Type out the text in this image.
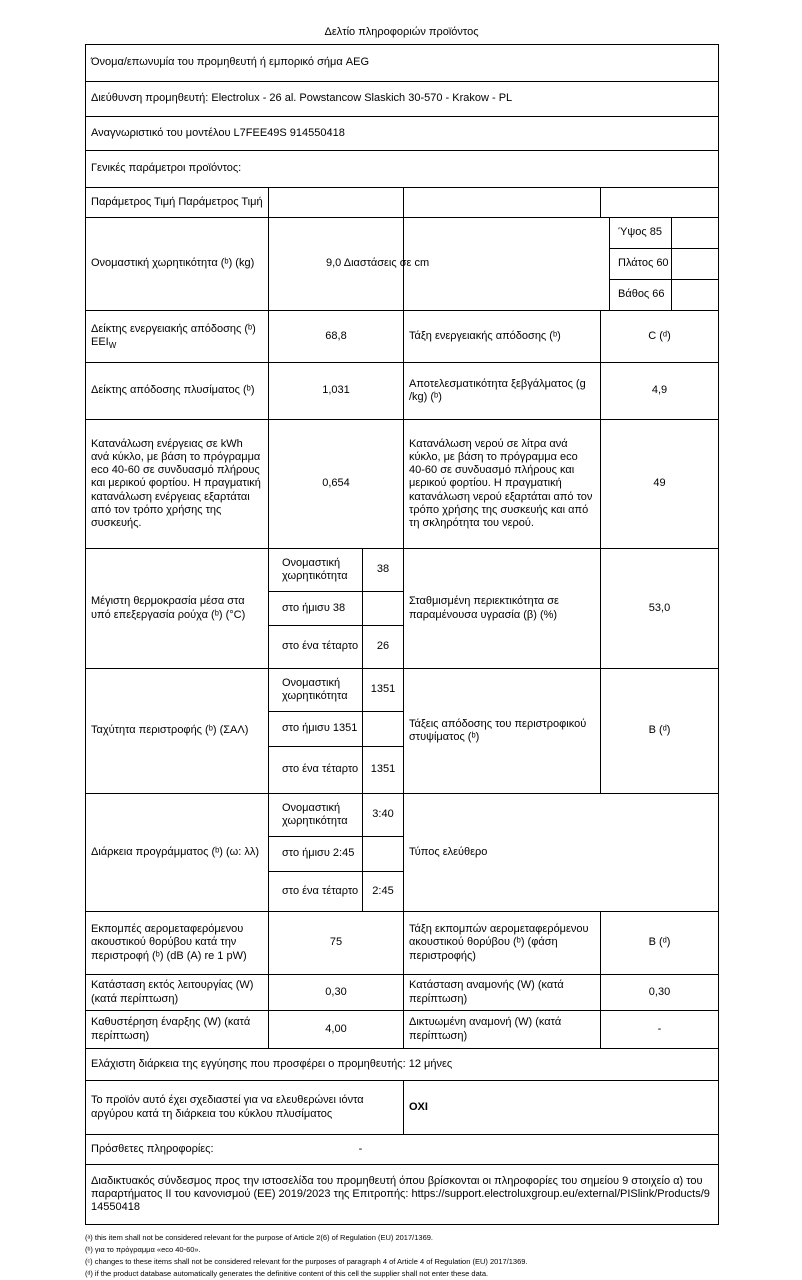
Δελτίο πληροφοριών προϊόντος
Όνομα/επωνυμία του προμηθευτή ή εμπορικό σήμα AEG
Διεύθυνση προμηθευτή: Electrolux - 26 al. Powstancow Slaskich 30-570 - Krakow - PL
Αναγνωριστικό του μοντέλου L7FEE49S 914550418
Γενικές παράμετροι προϊόντος:
Παράμετρος Τιμή Παράμετρος Τιμή			
Ονομαστική χωρητικότητα (ᵇ) (kg)	9,0 Διαστάσεις σε cm	
Ύψος 85	
Πλάτος 60	
Βάθος 66	

Δείκτης ενεργειακής απόδοσης (ᵇ) $EEI_W$	68,8	Τάξη ενεργειακής απόδοσης (ᵇ)	C (ᵈ)
Δείκτης απόδοσης πλυσίματος (ᵇ)	1,031	Αποτελεσματικότητα ξεβγάλματος (g /kg) (ᵇ)	4,9
Κατανάλωση ενέργειας σε kWh ανά κύκλο, με βάση το πρόγραμμα eco 40-60 σε συνδυασμό πλήρους και μερικού φορτίου. Η πραγματική κατανάλωση ενέργειας εξαρτάται από τον τρόπο χρήσης της συσκευής.	0,654	Κατανάλωση νερού σε λίτρα ανά κύκλο, με βάση το πρόγραμμα eco 40-60 σε συνδυασμό πλήρους και μερικού φορτίου. Η πραγματική κατανάλωση νερού εξαρτάται από τον τρόπο χρήσης της συσκευής και από τη σκληρότητα του νερού.	49
Μέγιστη θερμοκρασία μέσα στα υπό επεξεργασία ρούχα (ᵇ) (°C)	
Ονομαστική χωρητικότητα	38
στο ήμισυ 38	
στο ένα τέταρτο	26
	Σταθμισμένη περιεκτικότητα σε παραμένουσα υγρασία (β) (%)	53,0
Ταχύτητα περιστροφής (ᵇ) (ΣΑΛ)	
Ονομαστική χωρητικότητα	1351
στο ήμισυ 1351	
στο ένα τέταρτο	1351
	Τάξεις απόδοσης του περιστροφικού στυψίματος (ᵇ)	B (ᵈ)
Διάρκεια προγράμματος (ᵇ) (ω: λλ)	
Ονομαστική χωρητικότητα	3:40
στο ήμισυ 2:45	
στο ένα τέταρτο	2:45
	Τύπος ελεύθερο
Εκπομπές αερομεταφερόμενου ακουστικού θορύβου κατά την περιστροφή (ᵇ) (dB (A) re 1 pW)	75	Τάξη εκπομπών αερομεταφερόμενου ακουστικού θορύβου (ᵇ) (φάση περιστροφής)	B (ᵈ)
Κατάσταση εκτός λειτουργίας (W) (κατά περίπτωση)	0,30	Κατάσταση αναμονής (W) (κατά περίπτωση)	0,30
Καθυστέρηση έναρξης (W) (κατά περίπτωση)	4,00	Δικτυωμένη αναμονή (W) (κατά περίπτωση)	-
Ελάχιστη διάρκεια της εγγύησης που προσφέρει ο προμηθευτής: 12 μήνες
Το προϊόν αυτό έχει σχεδιαστεί για να ελευθερώνει ιόντα αργύρου κατά τη διάρκεια του κύκλου πλυσίματος	ΟΧΙ
Πρόσθετες πληροφορίες:	-
Διαδικτυακός σύνδεσμος προς την ιστοσελίδα του προμηθευτή όπου βρίσκονται οι πληροφορίες του σημείου 9 στοιχείο α) του παραρτήματος II του κανονισμού (ΕΕ) 2019/2023 της Επιτροπής: https://support.electroluxgroup.eu/external/PISlink/Products/914550418
(ᵃ) this item shall not be considered relevant for the purpose of Article 2(6) of Regulation (EU) 2017/1369.
(ᵇ) για το πρόγραμμα «eco 40-60».
(ᶜ) changes to these items shall not be considered relevant for the purposes of paragraph 4 of Article 4 of Regulation (EU) 2017/1369.
(ᵈ) if the product database automatically generates the definitive content of this cell the supplier shall not enter these data.
